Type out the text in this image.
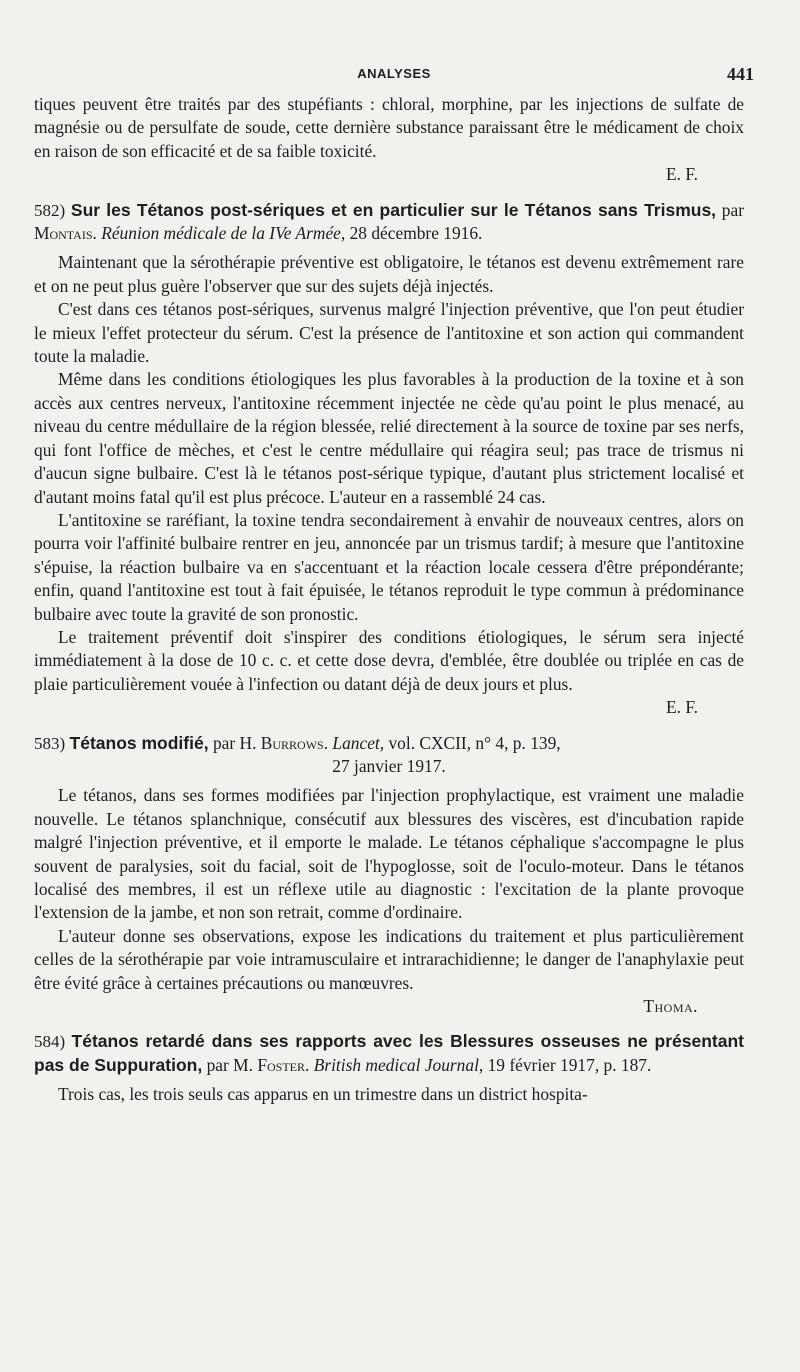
ANALYSES	441

tiques peuvent être traités par des stupéfiants : chloral, morphine, par les injections de sulfate de magnésie ou de persulfate de soude, cette dernière substance paraissant être le médicament de choix en raison de son efficacité et de sa faible toxicité.

E. F.

582) Sur les Tétanos post-sériques et en particulier sur le Tétanos sans Trismus, par Montais. Réunion médicale de la IVe Armée, 28 décembre 1916.

Maintenant que la sérothérapie préventive est obligatoire, le tétanos est devenu extrêmement rare et on ne peut plus guère l'observer que sur des sujets déjà injectés.

C'est dans ces tétanos post-sériques, survenus malgré l'injection préventive, que l'on peut étudier le mieux l'effet protecteur du sérum. C'est la présence de l'antitoxine et son action qui commandent toute la maladie.

Même dans les conditions étiologiques les plus favorables à la production de la toxine et à son accès aux centres nerveux, l'antitoxine récemment injectée ne cède qu'au point le plus menacé, au niveau du centre médullaire de la région blessée, relié directement à la source de toxine par ses nerfs, qui font l'office de mèches, et c'est le centre médullaire qui réagira seul; pas trace de trismus ni d'aucun signe bulbaire. C'est là le tétanos post-sérique typique, d'autant plus strictement localisé et d'autant moins fatal qu'il est plus précoce. L'auteur en a rassemblé 24 cas.

L'antitoxine se raréfiant, la toxine tendra secondairement à envahir de nouveaux centres, alors on pourra voir l'affinité bulbaire rentrer en jeu, annoncée par un trismus tardif; à mesure que l'antitoxine s'épuise, la réaction bulbaire va en s'accentuant et la réaction locale cessera d'être prépondérante; enfin, quand l'antitoxine est tout à fait épuisée, le tétanos reproduit le type commun à prédominance bulbaire avec toute la gravité de son pronostic.

Le traitement préventif doit s'inspirer des conditions étiologiques, le sérum sera injecté immédiatement à la dose de 10 c. c. et cette dose devra, d'emblée, être doublée ou triplée en cas de plaie particulièrement vouée à l'infection ou datant déjà de deux jours et plus.

E. F.

583) Tétanos modifié, par H. Burrows. Lancet, vol. CXCII, n° 4, p. 139,
27 janvier 1917.

Le tétanos, dans ses formes modifiées par l'injection prophylactique, est vraiment une maladie nouvelle. Le tétanos splanchnique, consécutif aux blessures des viscères, est d'incubation rapide malgré l'injection préventive, et il emporte le malade. Le tétanos céphalique s'accompagne le plus souvent de paralysies, soit du facial, soit de l'hypoglosse, soit de l'oculo-moteur. Dans le tétanos localisé des membres, il est un réflexe utile au diagnostic : l'excitation de la plante provoque l'extension de la jambe, et non son retrait, comme d'ordinaire.

L'auteur donne ses observations, expose les indications du traitement et plus particulièrement celles de la sérothérapie par voie intramusculaire et intrarachidienne; le danger de l'anaphylaxie peut être évité grâce à certaines précautions ou manœuvres.

Thoma.

584) Tétanos retardé dans ses rapports avec les Blessures osseuses ne présentant pas de Suppuration, par M. Foster. British medical Journal, 19 février 1917, p. 187.

Trois cas, les trois seuls cas apparus en un trimestre dans un district hospita-
